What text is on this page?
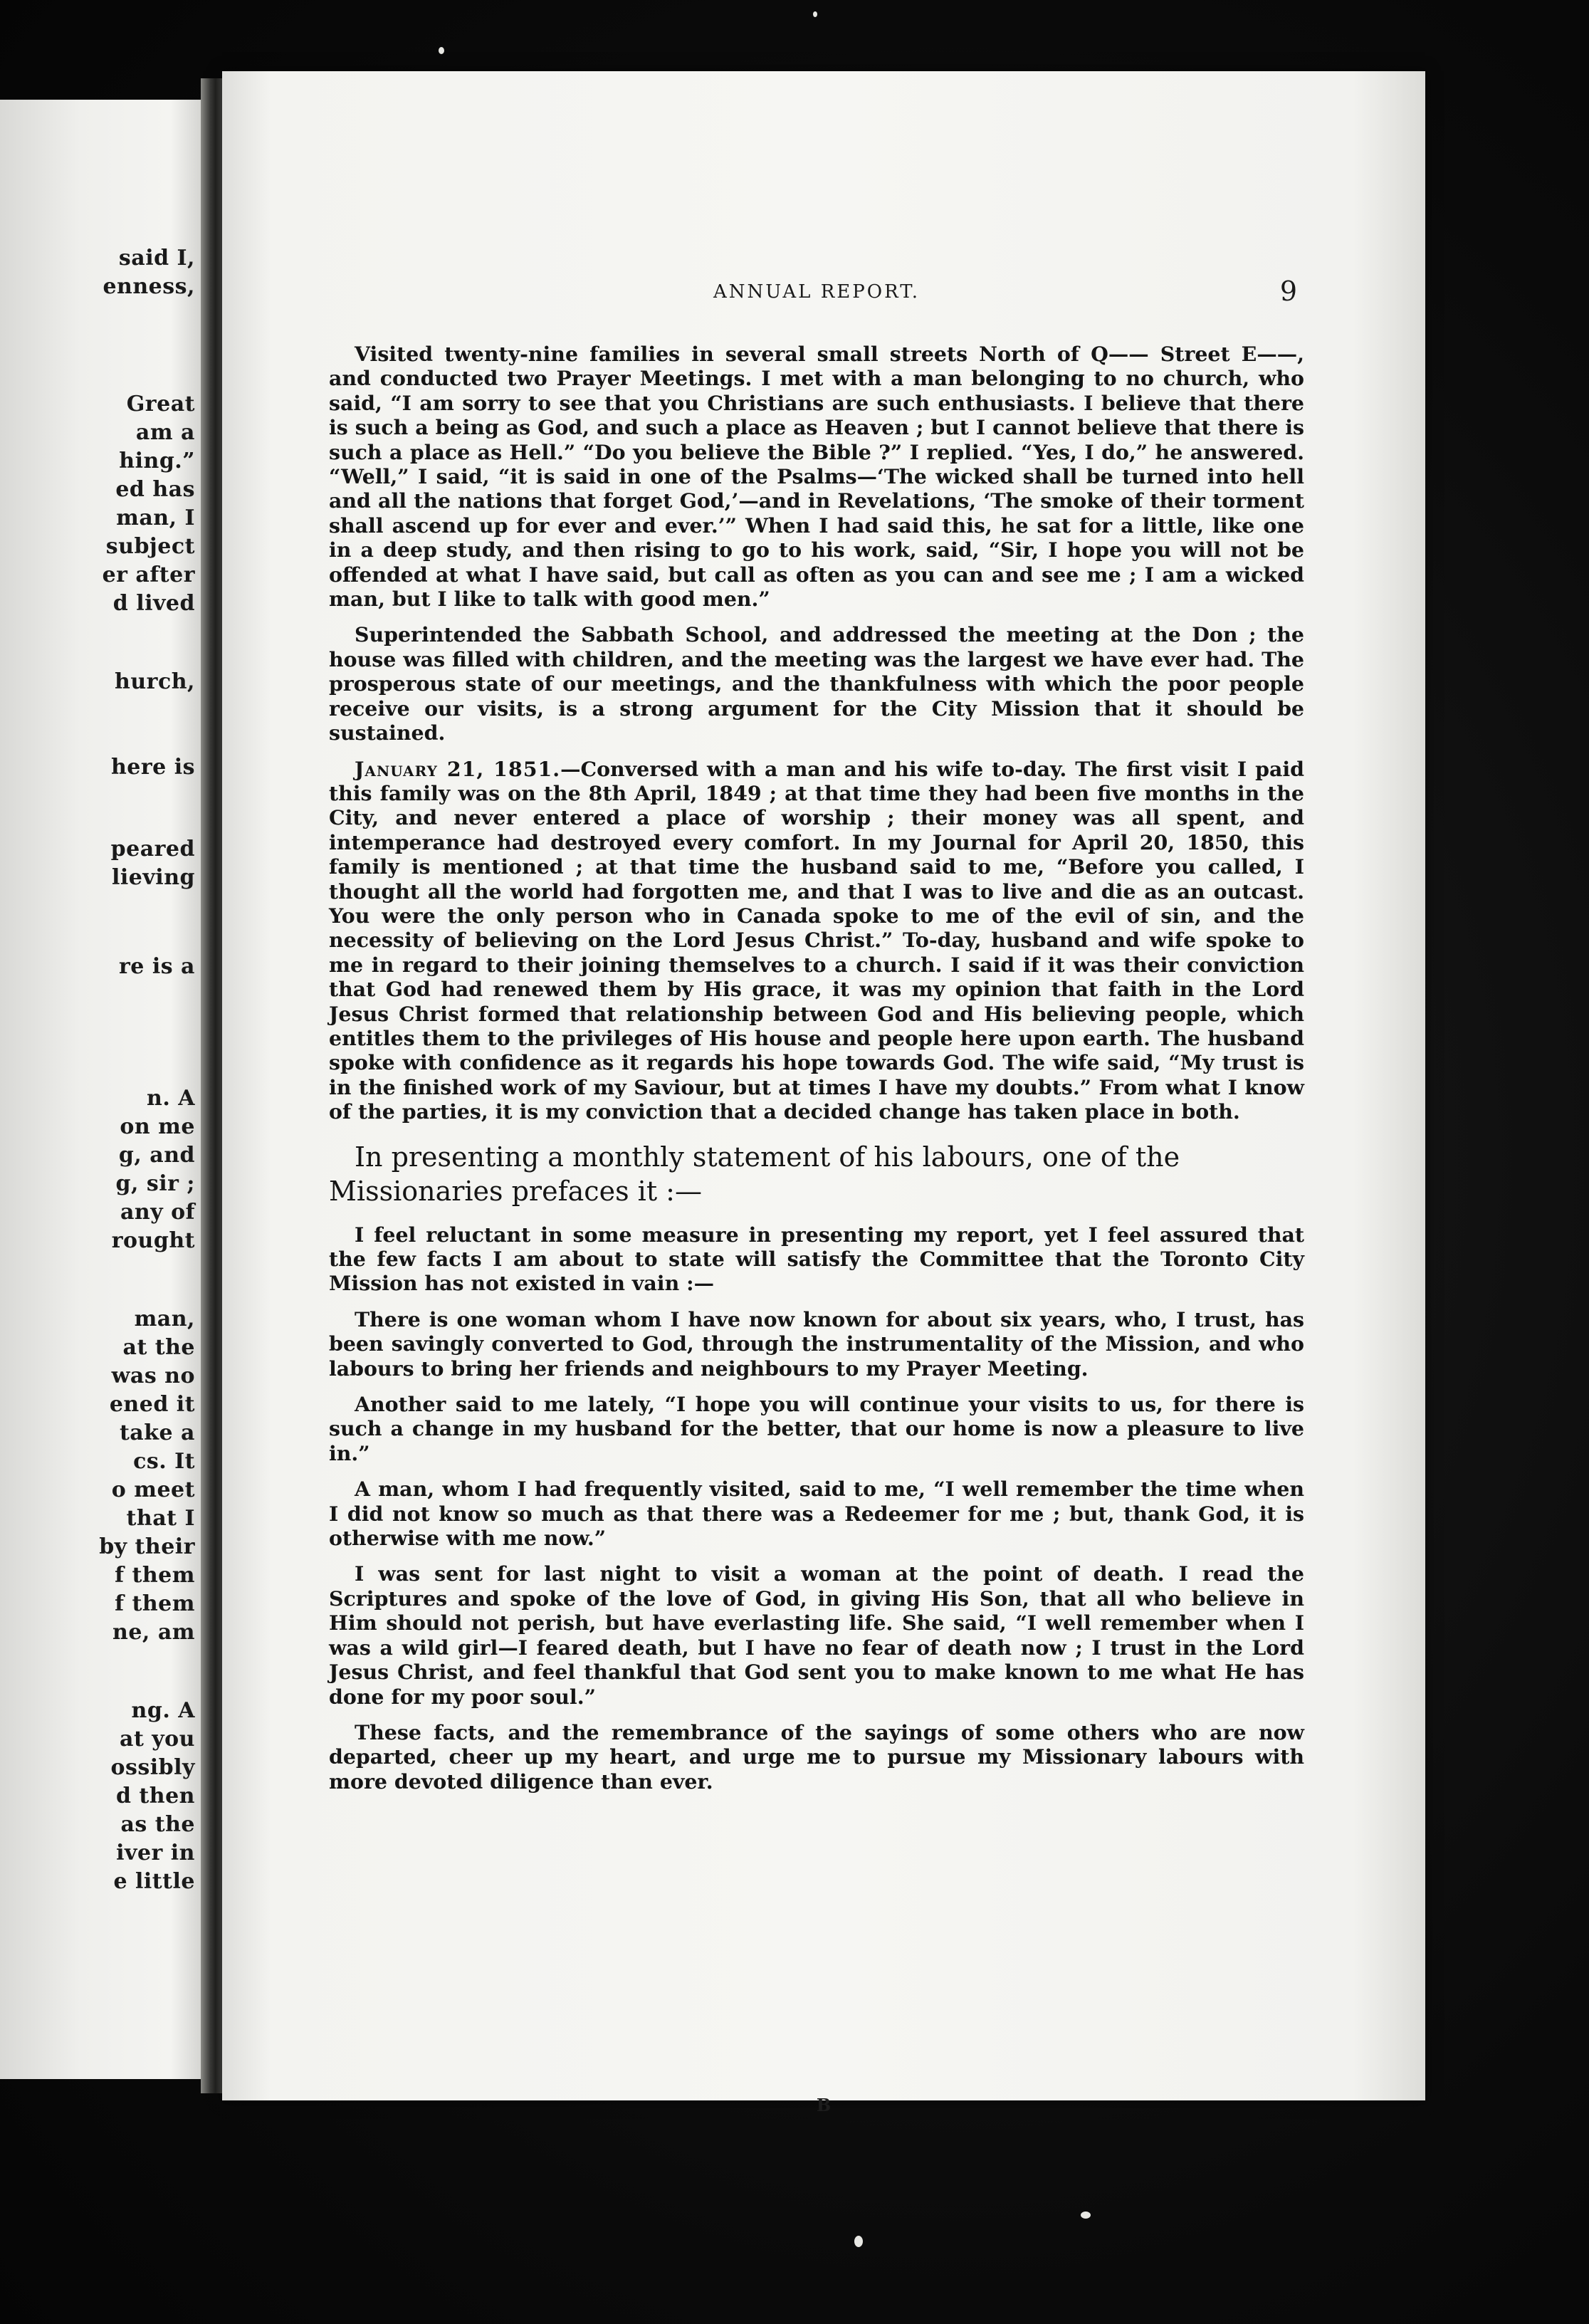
said I,
enness,
Great
am a
hing.”
ed has
man, I
subject
er after
d lived
hurch,
here is
peared
lieving
re is a
n. A
on me
g, and
g, sir ;
any of
rought
man,
at the
was no
ened it
take a
cs. It
o meet
that I
by their
f them
f them
ne, am
ng. A
at you
ossibly
d then
as the
iver in
e little
ANNUAL REPORT.	9

Visited twenty-nine families in several small streets North of Q—— Street E——, and conducted two Prayer Meetings. I met with a man belonging to no church, who said, “I am sorry to see that you Christians are such enthusiasts. I believe that there is such a being as God, and such a place as Heaven ; but I cannot believe that there is such a place as Hell.” “Do you believe the Bible ?” I replied. “Yes, I do,” he answered. “Well,” I said, “it is said in one of the Psalms—‘The wicked shall be turned into hell and all the nations that forget God,’—and in Revelations, ‘The smoke of their torment shall ascend up for ever and ever.’” When I had said this, he sat for a little, like one in a deep study, and then rising to go to his work, said, “Sir, I hope you will not be offended at what I have said, but call as often as you can and see me ; I am a wicked man, but I like to talk with good men.”

Superintended the Sabbath School, and addressed the meeting at the Don ; the house was filled with children, and the meeting was the largest we have ever had. The prosperous state of our meetings, and the thankfulness with which the poor people receive our visits, is a strong argument for the City Mission that it should be sustained.

January 21, 1851.—Conversed with a man and his wife to-day. The first visit I paid this family was on the 8th April, 1849 ; at that time they had been five months in the City, and never entered a place of worship ; their money was all spent, and intemperance had destroyed every comfort. In my Journal for April 20, 1850, this family is mentioned ; at that time the husband said to me, “Before you called, I thought all the world had forgotten me, and that I was to live and die as an outcast. You were the only person who in Canada spoke to me of the evil of sin, and the necessity of believing on the Lord Jesus Christ.” To-day, husband and wife spoke to me in regard to their joining themselves to a church. I said if it was their conviction that God had renewed them by His grace, it was my opinion that faith in the Lord Jesus Christ formed that relationship between God and His believing people, which entitles them to the privileges of His house and people here upon earth. The husband spoke with confidence as it regards his hope towards God. The wife said, “My trust is in the finished work of my Saviour, but at times I have my doubts.” From what I know of the parties, it is my conviction that a decided change has taken place in both.

In presenting a monthly statement of his labours, one of the Missionaries prefaces it :—

I feel reluctant in some measure in presenting my report, yet I feel assured that the few facts I am about to state will satisfy the Committee that the Toronto City Mission has not existed in vain :—

There is one woman whom I have now known for about six years, who, I trust, has been savingly converted to God, through the instrumentality of the Mission, and who labours to bring her friends and neighbours to my Prayer Meeting.

Another said to me lately, “I hope you will continue your visits to us, for there is such a change in my husband for the better, that our home is now a pleasure to live in.”

A man, whom I had frequently visited, said to me, “I well remember the time when I did not know so much as that there was a Redeemer for me ; but, thank God, it is otherwise with me now.”

I was sent for last night to visit a woman at the point of death. I read the Scriptures and spoke of the love of God, in giving His Son, that all who believe in Him should not perish, but have everlasting life. She said, “I well remember when I was a wild girl—I feared death, but I have no fear of death now ; I trust in the Lord Jesus Christ, and feel thankful that God sent you to make known to me what He has done for my poor soul.”

These facts, and the remembrance of the sayings of some others who are now departed, cheer up my heart, and urge me to pursue my Missionary labours with more devoted diligence than ever.

B
